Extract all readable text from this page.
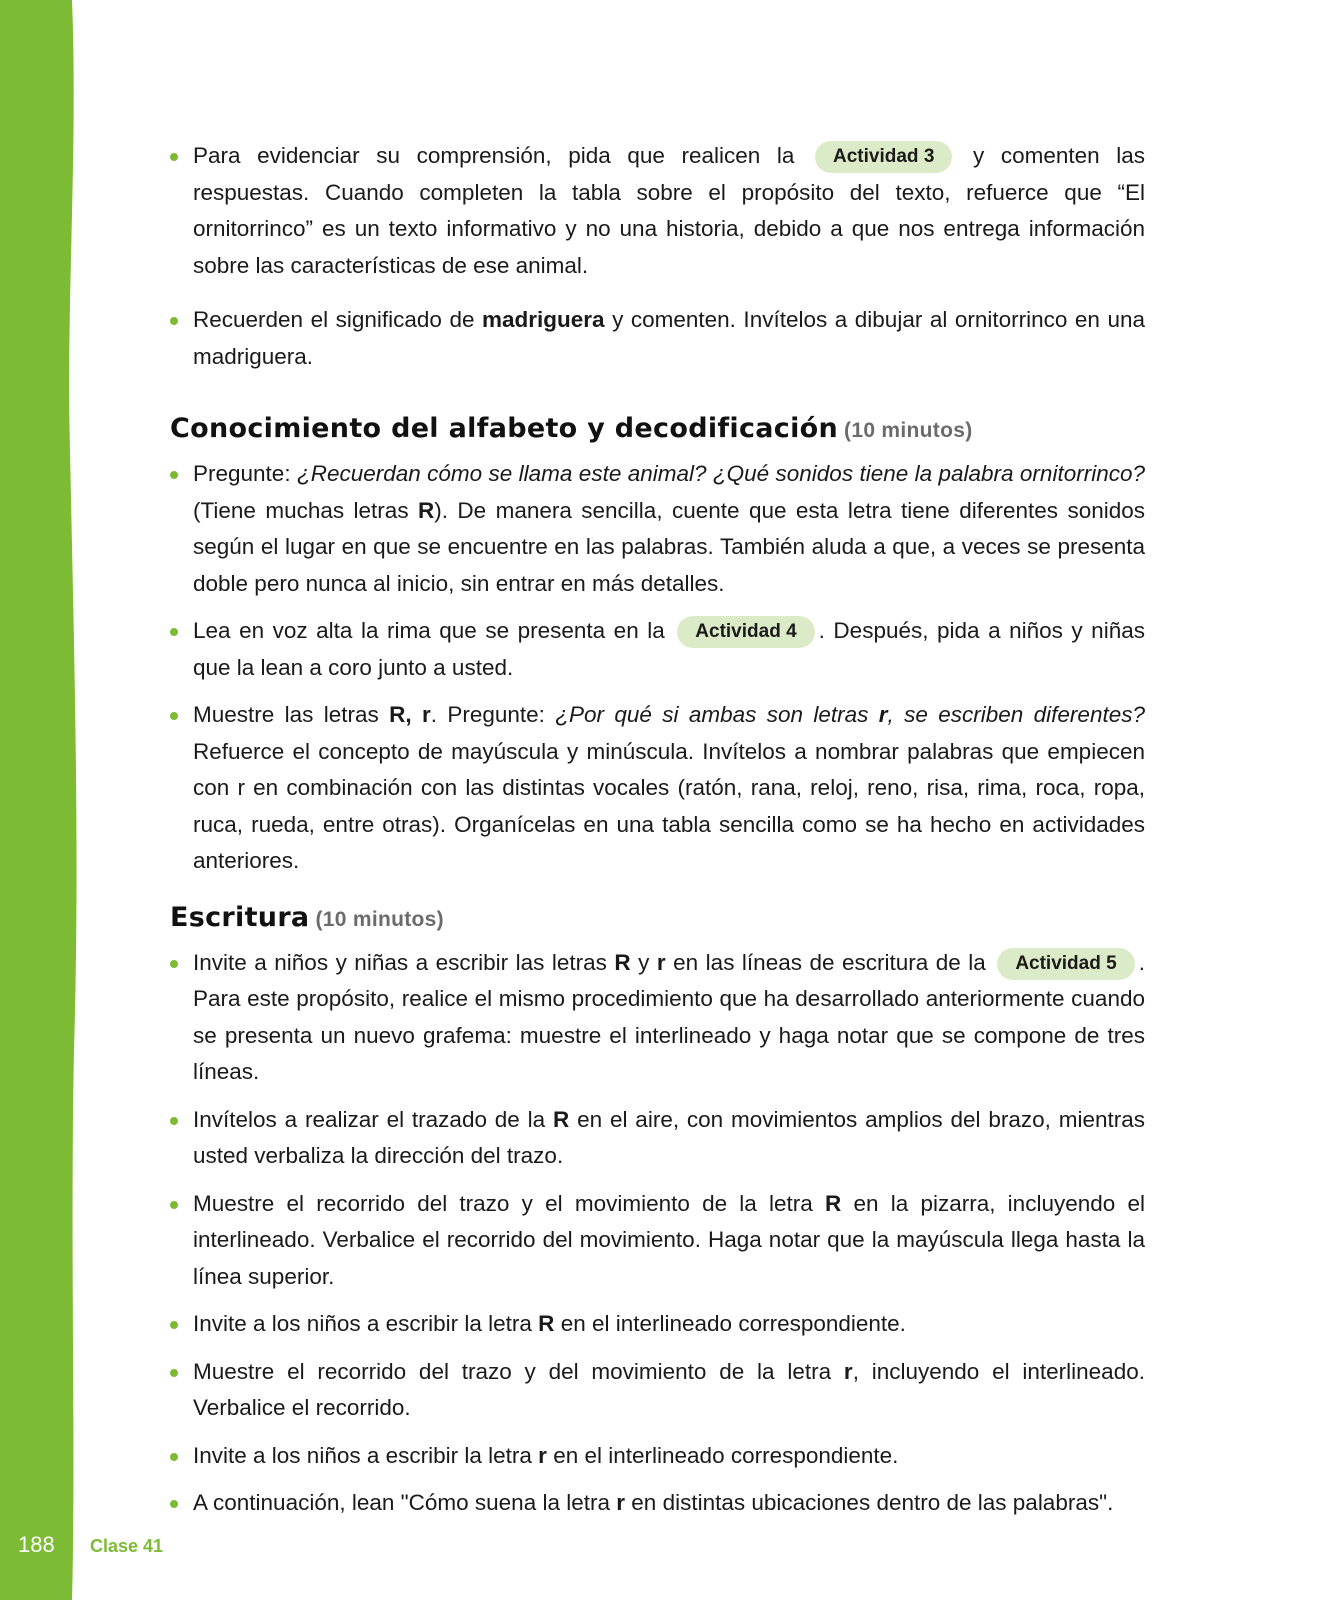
188 Clase 41
Para evidenciar su comprensión, pida que realicen la Actividad 3 y comenten las respuestas. Cuando completen la tabla sobre el propósito del texto, refuerce que “El ornitorrinco” es un texto informativo y no una historia, debido a que nos entrega información sobre las características de ese animal.
Recuerden el significado de madriguera y comenten. Invítelos a dibujar al ornitorrinco en una madriguera.
Conocimiento del alfabeto y decodificación (10 minutos)
Pregunte: ¿Recuerdan cómo se llama este animal? ¿Qué sonidos tiene la palabra ornitorrinco? (Tiene muchas letras R). De manera sencilla, cuente que esta letra tiene diferentes sonidos según el lugar en que se encuentre en las palabras. También aluda a que, a veces se presenta doble pero nunca al inicio, sin entrar en más detalles.
Lea en voz alta la rima que se presenta en la Actividad 4 . Después, pida a niños y niñas que la lean a coro junto a usted.
Muestre las letras R, r. Pregunte: ¿Por qué si ambas son letras r, se escriben diferentes? Refuerce el concepto de mayúscula y minúscula. Invítelos a nombrar palabras que empiecen con r en combinación con las distintas vocales (ratón, rana, reloj, reno, risa, rima, roca, ropa, ruca, rueda, entre otras). Organícelas en una tabla sencilla como se ha hecho en actividades anteriores.
Escritura (10 minutos)
Invite a niños y niñas a escribir las letras R y r en las líneas de escritura de la Actividad 5 . Para este propósito, realice el mismo procedimiento que ha desarrollado anteriormente cuando se presenta un nuevo grafema: muestre el interlineado y haga notar que se compone de tres líneas.
Invítelos a realizar el trazado de la R en el aire, con movimientos amplios del brazo, mientras usted verbaliza la dirección del trazo.
Muestre el recorrido del trazo y el movimiento de la letra R en la pizarra, incluyendo el interlineado. Verbalice el recorrido del movimiento. Haga notar que la mayúscula llega hasta la línea superior.
Invite a los niños a escribir la letra R en el interlineado correspondiente.
Muestre el recorrido del trazo y del movimiento de la letra r, incluyendo el interlineado. Verbalice el recorrido.
Invite a los niños a escribir la letra r en el interlineado correspondiente.
A continuación, lean "Cómo suena la letra r en distintas ubicaciones dentro de las palabras".
